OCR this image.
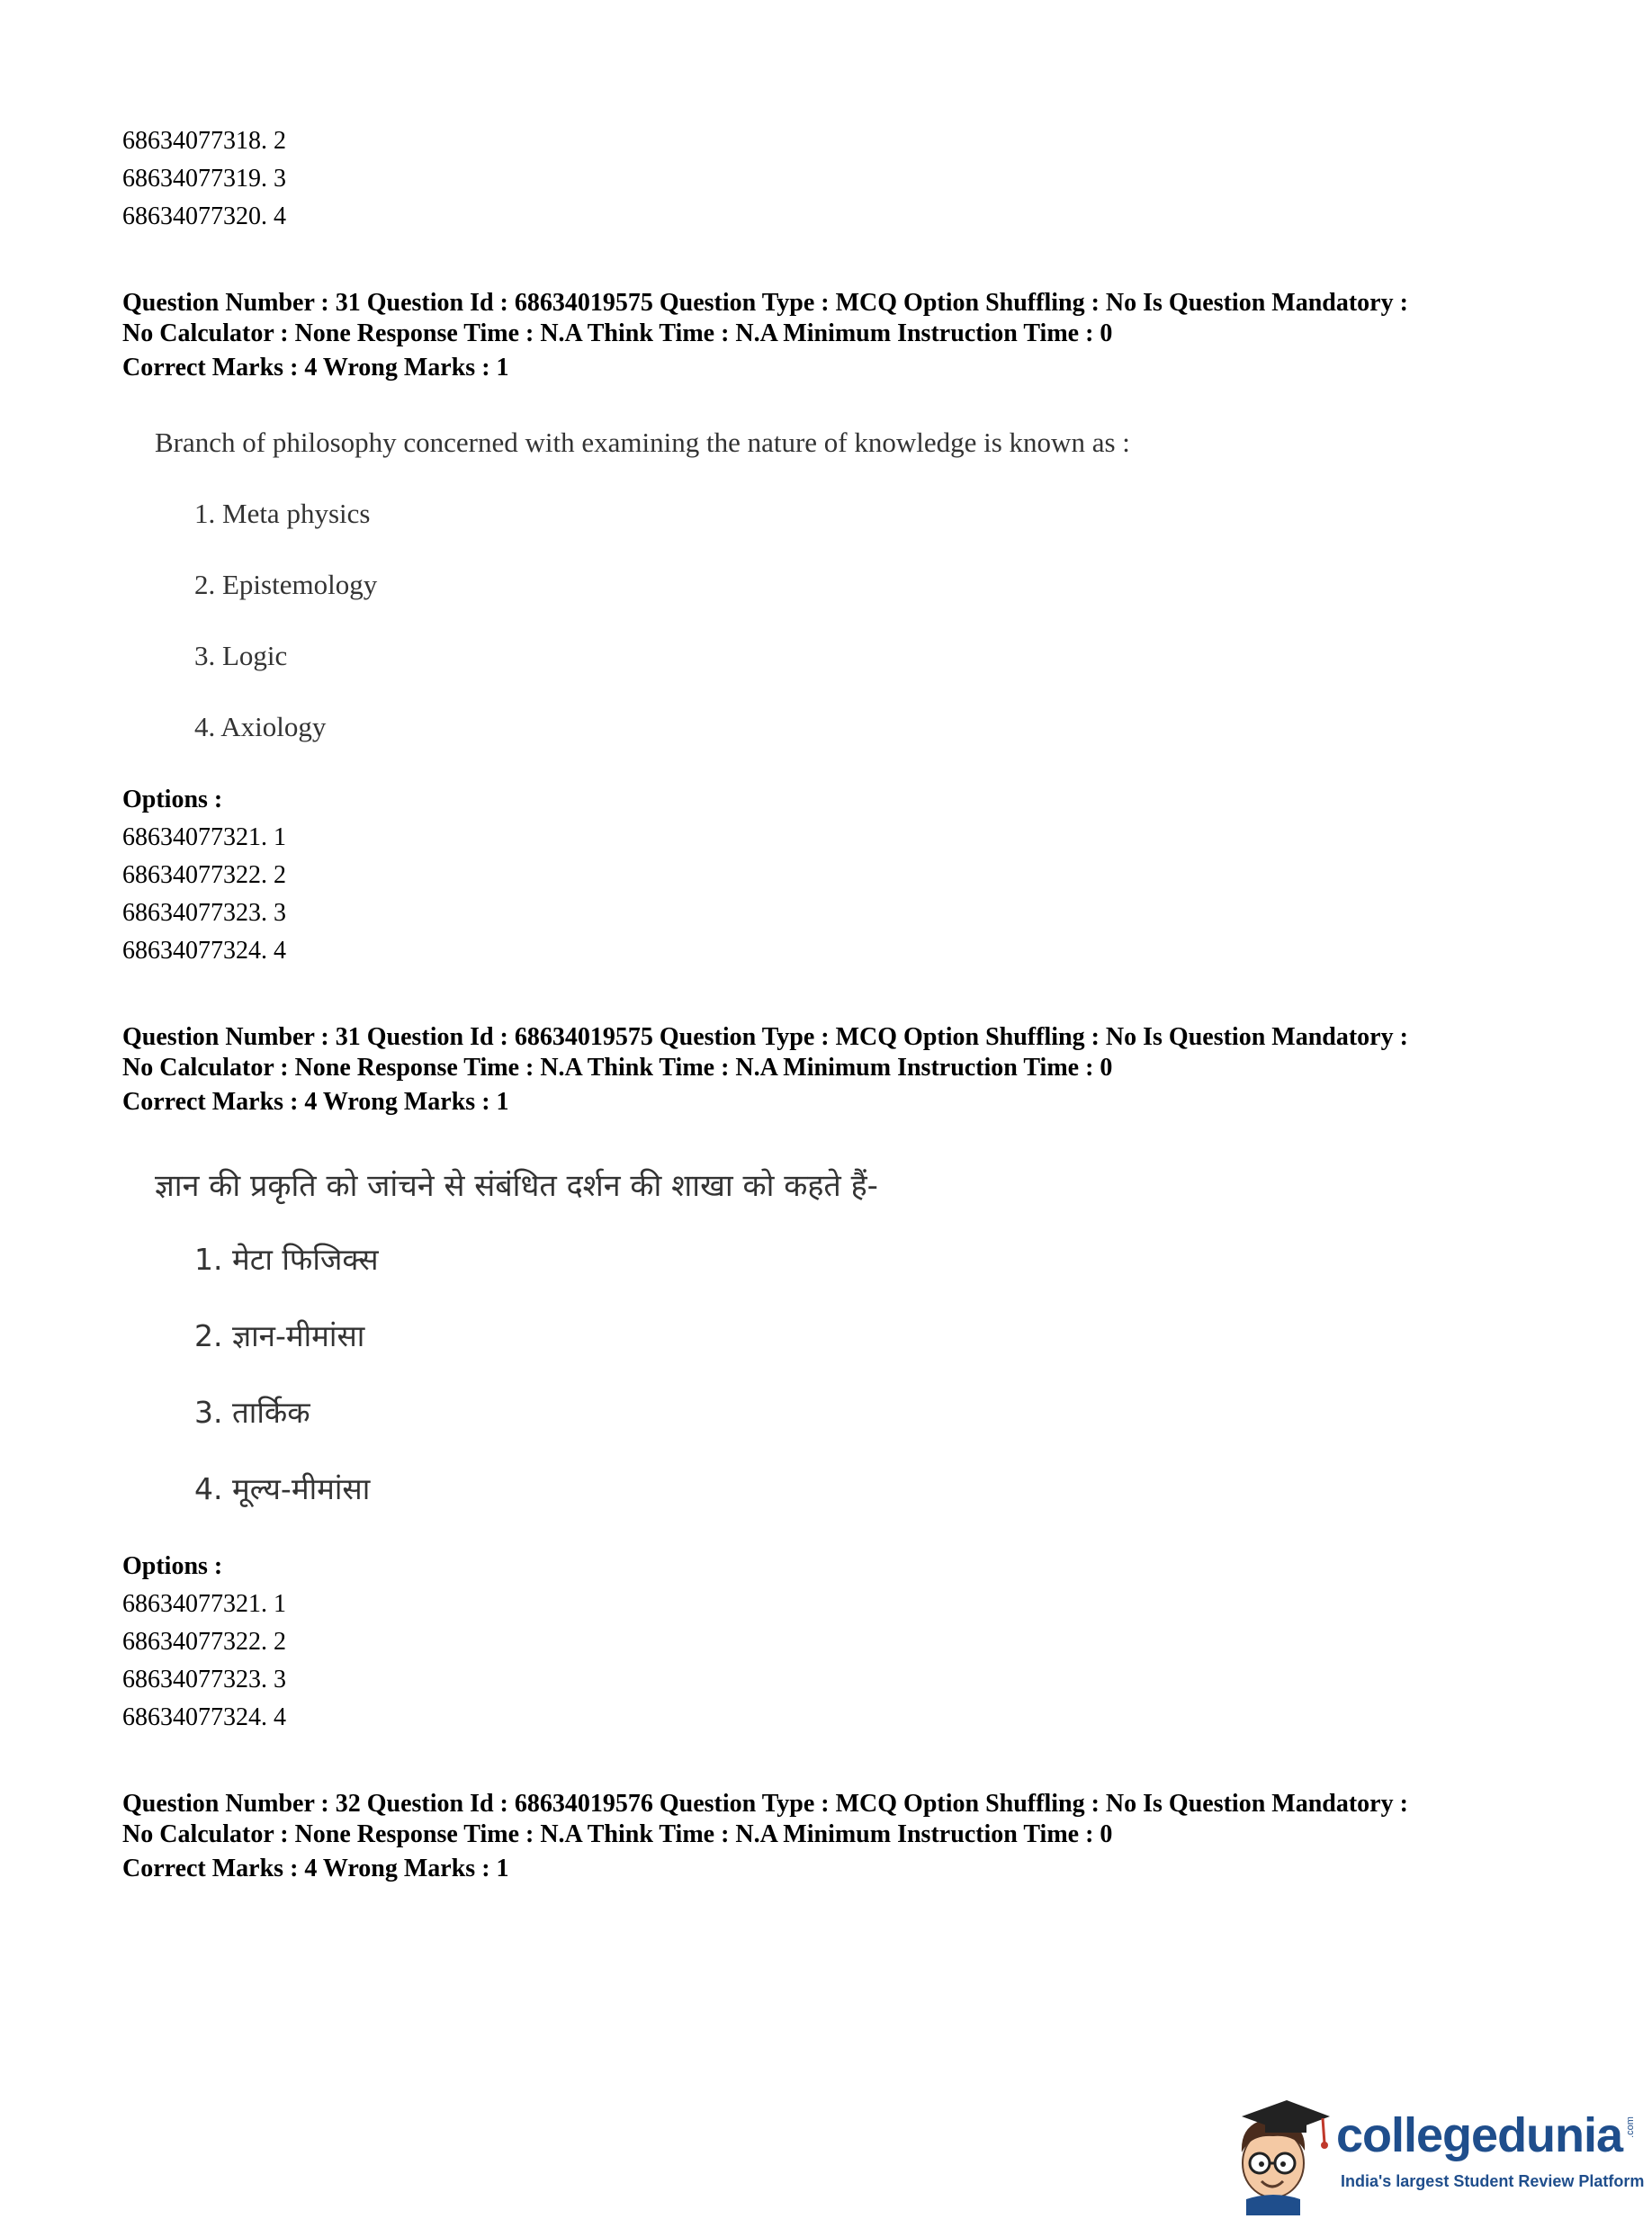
68634077318. 2
68634077319. 3
68634077320. 4
Question Number : 31 Question Id : 68634019575 Question Type : MCQ Option Shuffling : No Is Question Mandatory :
No Calculator : None Response Time : N.A Think Time : N.A Minimum Instruction Time : 0
Correct Marks : 4 Wrong Marks : 1
Branch of philosophy concerned with examining the nature of knowledge is known as :
1. Meta physics
2. Epistemology
3. Logic
4. Axiology
Options :
68634077321. 1
68634077322. 2
68634077323. 3
68634077324. 4
Question Number : 31 Question Id : 68634019575 Question Type : MCQ Option Shuffling : No Is Question Mandatory :
No Calculator : None Response Time : N.A Think Time : N.A Minimum Instruction Time : 0
Correct Marks : 4 Wrong Marks : 1
ज्ञान की प्रकृति को जांचने से संबंधित दर्शन की शाखा को कहते हैं-
1. मेटा फिजिक्स
2. ज्ञान-मीमांसा
3. तार्किक
4. मूल्य-मीमांसा
Options :
68634077321. 1
68634077322. 2
68634077323. 3
68634077324. 4
Question Number : 32 Question Id : 68634019576 Question Type : MCQ Option Shuffling : No Is Question Mandatory :
No Calculator : None Response Time : N.A Think Time : N.A Minimum Instruction Time : 0
Correct Marks : 4 Wrong Marks : 1
collegedunia .com
India's largest Student Review Platform
